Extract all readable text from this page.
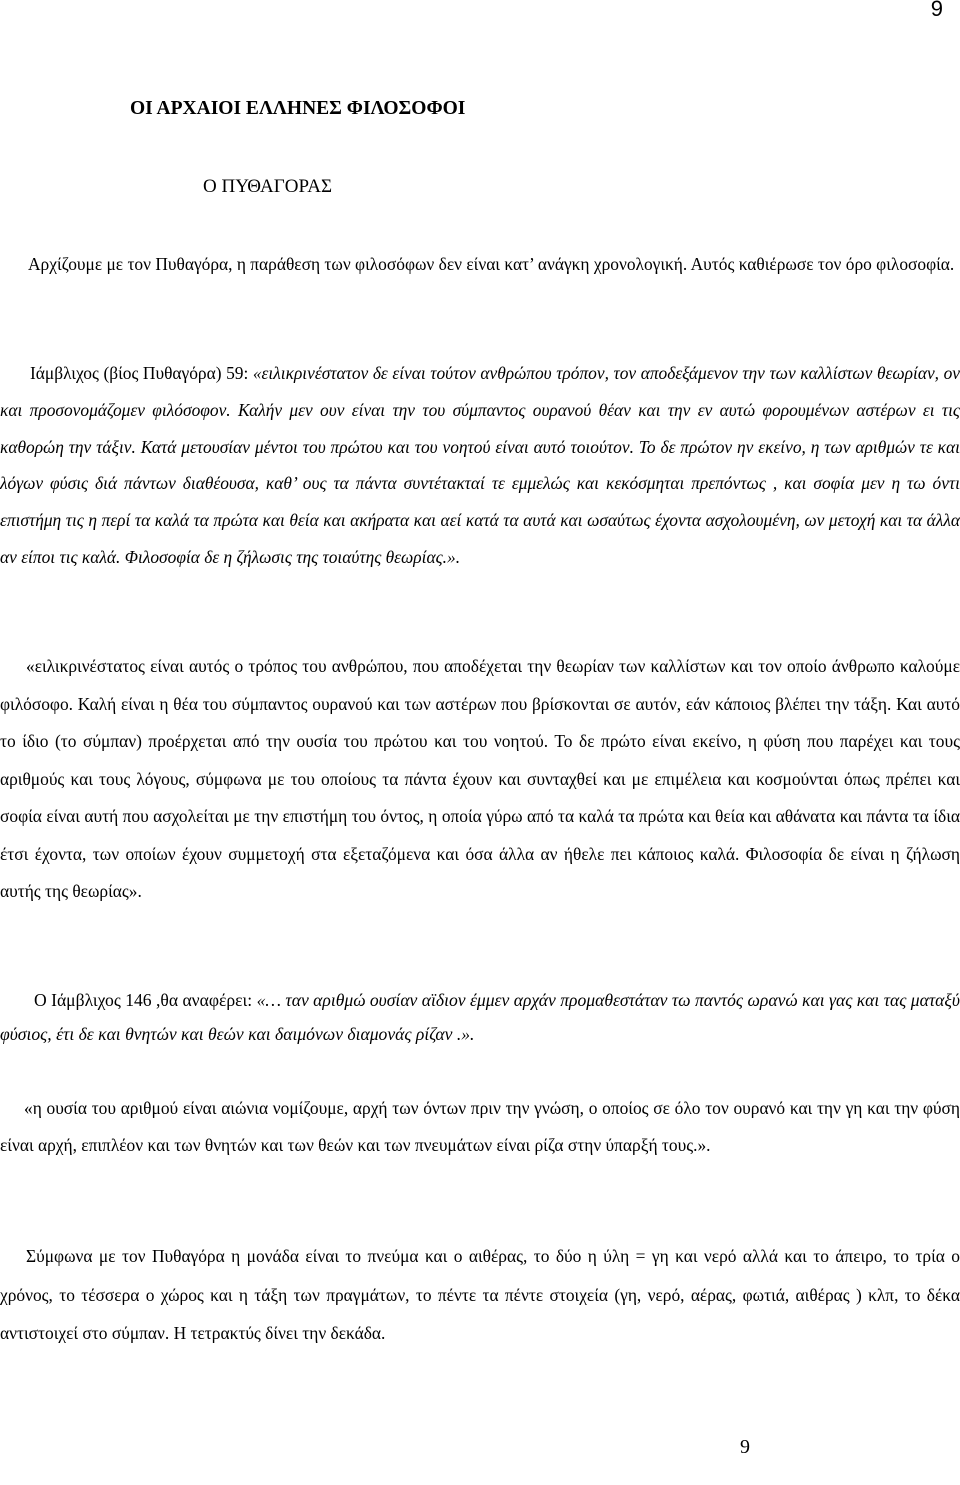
9
ΟΙ ΑΡΧΑΙΟΙ ΕΛΛΗΝΕΣ ΦΙΛΟΣΟΦΟΙ
Ο ΠΥΘΑΓΟΡΑΣ

Αρχίζουμε με τον Πυθαγόρα, η παράθεση των φιλοσόφων δεν είναι κατ’ ανάγκη χρονολογική. Αυτός καθιέρωσε τον όρο φιλοσοφία.

Ιάμβλιχος (βίος Πυθαγόρα) 59: «ειλικρινέστατον δε είναι τούτον ανθρώπου τρόπον, τον αποδεξάμενον την των καλλίστων θεωρίαν, ον και προσονομάζομεν φιλόσοφον. Καλήν μεν ουν είναι την του σύμπαντος ουρανού θέαν και την εν αυτώ φορουμένων αστέρων ει τις καθορώη την τάξιν. Κατά μετουσίαν μέντοι του πρώτου και του νοητού είναι αυτό τοιούτον. Το δε πρώτον ην εκείνο, η των αριθμών τε και λόγων φύσις διά πάντων διαθέουσα, καθ’ ους τα πάντα συντέτακταί τε εμμελώς και κεκόσμηται πρεπόντως , και σοφία μεν η τω όντι επιστήμη τις η περί τα καλά τα πρώτα και θεία και ακήρατα και αεί κατά τα αυτά και ωσαύτως έχοντα ασχολουμένη, ων μετοχή και τα άλλα αν είποι τις καλά. Φιλοσοφία δε η ζήλωσις της τοιαύτης θεωρίας.».

«ειλικρινέστατος είναι αυτός ο τρόπος του ανθρώπου, που αποδέχεται την θεωρίαν των καλλίστων και τον οποίο άνθρωπο καλούμε φιλόσοφο. Καλή είναι η θέα του σύμπαντος ουρανού και των αστέρων που βρίσκονται σε αυτόν, εάν κάποιος βλέπει την τάξη. Και αυτό το ίδιο (το σύμπαν) προέρχεται από την ουσία του πρώτου και του νοητού. Το δε πρώτο είναι εκείνο, η φύση που παρέχει και τους αριθμούς και τους λόγους, σύμφωνα με του οποίους τα πάντα έχουν και συνταχθεί και με επιμέλεια και κοσμούνται όπως πρέπει και σοφία είναι αυτή που ασχολείται με την επιστήμη του όντος, η οποία γύρω από τα καλά τα πρώτα και θεία και αθάνατα και πάντα τα ίδια έτσι έχοντα, των οποίων έχουν συμμετοχή στα εξεταζόμενα και όσα άλλα αν ήθελε πει κάποιος καλά. Φιλοσοφία δε είναι η ζήλωση αυτής της θεωρίας».

Ο Ιάμβλιχος 146 ,θα αναφέρει: «… ταν αριθμώ ουσίαν αϊδιον έμμεν αρχάν προμαθεστάταν τω παντός ωρανώ και γας και τας ματαξύ φύσιος, έτι δε και θνητών και θεών και δαιμόνων διαμονάς ρίζαν .».

«η ουσία του αριθμού είναι αιώνια νομίζουμε, αρχή των όντων πριν την γνώση, ο οποίος σε όλο τον ουρανό και την γη και την φύση είναι αρχή, επιπλέον και των θνητών και των θεών και των πνευμάτων είναι ρίζα στην ύπαρξή τους.».

Σύμφωνα με τον Πυθαγόρα η μονάδα είναι το πνεύμα και ο αιθέρας, το δύο η ύλη = γη και νερό αλλά και το άπειρο, το τρία ο χρόνος, το τέσσερα ο χώρος και η τάξη των πραγμάτων, το πέντε τα πέντε στοιχεία (γη, νερό, αέρας, φωτιά, αιθέρας ) κλπ, το δέκα αντιστοιχεί στο σύμπαν. Η τετρακτύς δίνει την δεκάδα.

9
